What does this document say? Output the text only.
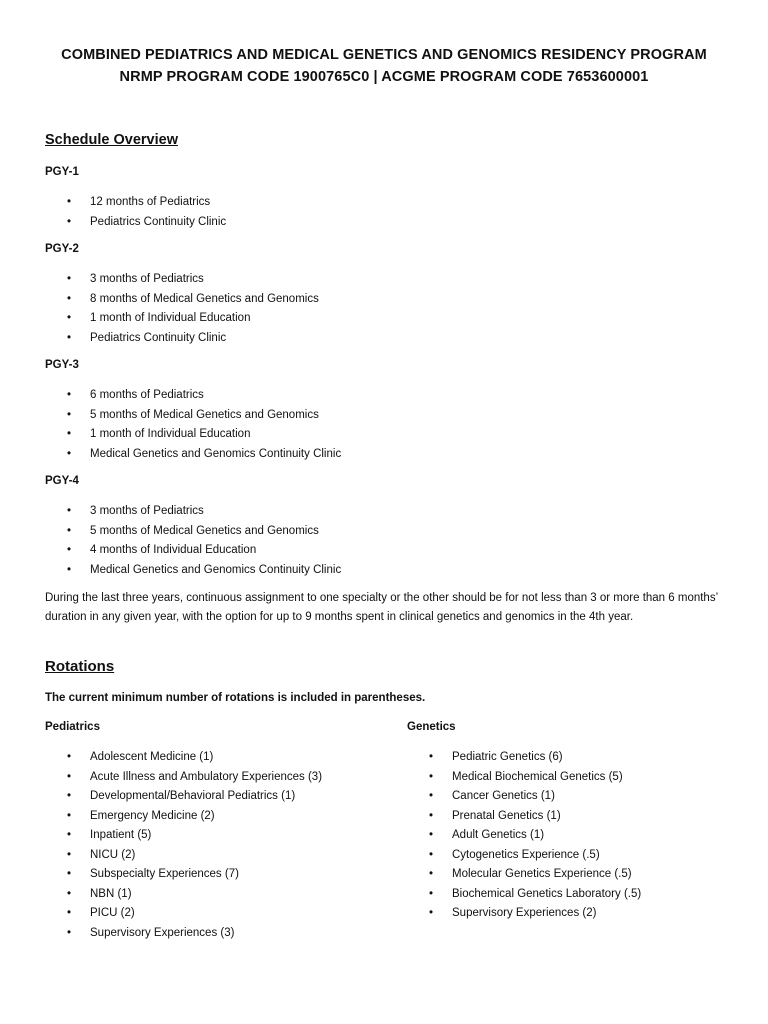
COMBINED PEDIATRICS AND MEDICAL GENETICS AND GENOMICS RESIDENCY PROGRAM
NRMP PROGRAM CODE 1900765C0 | ACGME PROGRAM CODE 7653600001
Schedule Overview
PGY-1
• 12 months of Pediatrics
• Pediatrics Continuity Clinic
PGY-2
• 3 months of Pediatrics
• 8 months of Medical Genetics and Genomics
• 1 month of Individual Education
• Pediatrics Continuity Clinic
PGY-3
• 6 months of Pediatrics
• 5 months of Medical Genetics and Genomics
• 1 month of Individual Education
• Medical Genetics and Genomics Continuity Clinic
PGY-4
• 3 months of Pediatrics
• 5 months of Medical Genetics and Genomics
• 4 months of Individual Education
• Medical Genetics and Genomics Continuity Clinic
During the last three years, continuous assignment to one specialty or the other should be for not less than 3 or more than 6 months’ duration in any given year, with the option for up to 9 months spent in clinical genetics and genomics in the 4th year.
Rotations
The current minimum number of rotations is included in parentheses.
Pediatrics
• Adolescent Medicine (1)
• Acute Illness and Ambulatory Experiences (3)
• Developmental/Behavioral Pediatrics (1)
• Emergency Medicine (2)
• Inpatient (5)
• NICU (2)
• Subspecialty Experiences (7)
• NBN (1)
• PICU (2)
• Supervisory Experiences (3)
Genetics
• Pediatric Genetics (6)
• Medical Biochemical Genetics (5)
• Cancer Genetics (1)
• Prenatal Genetics (1)
• Adult Genetics (1)
• Cytogenetics Experience (.5)
• Molecular Genetics Experience (.5)
• Biochemical Genetics Laboratory (.5)
• Supervisory Experiences (2)
